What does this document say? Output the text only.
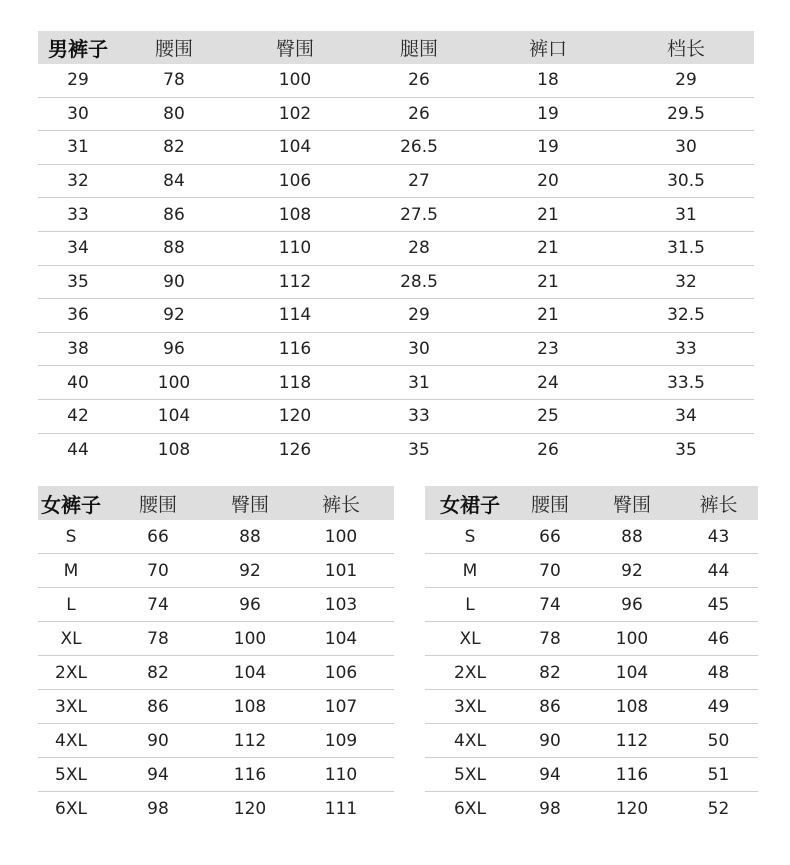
男裤子	腰围	臀围	腿围	裤口	档长
29	78	100	26	18	29
30	80	102	26	19	29.5
31	82	104	26.5	19	30
32	84	106	27	20	30.5
33	86	108	27.5	21	31
34	88	110	28	21	31.5
35	90	112	28.5	21	32
36	92	114	29	21	32.5
38	96	116	30	23	33
40	100	118	31	24	33.5
42	104	120	33	25	34
44	108	126	35	26	35
女裤子	腰围	臀围	裤长
S	66	88	100
M	70	92	101
L	74	96	103
XL	78	100	104
2XL	82	104	106
3XL	86	108	107
4XL	90	112	109
5XL	94	116	110
6XL	98	120	111
女裙子	腰围	臀围	裤长
S	66	88	43
M	70	92	44
L	74	96	45
XL	78	100	46
2XL	82	104	48
3XL	86	108	49
4XL	90	112	50
5XL	94	116	51
6XL	98	120	52
